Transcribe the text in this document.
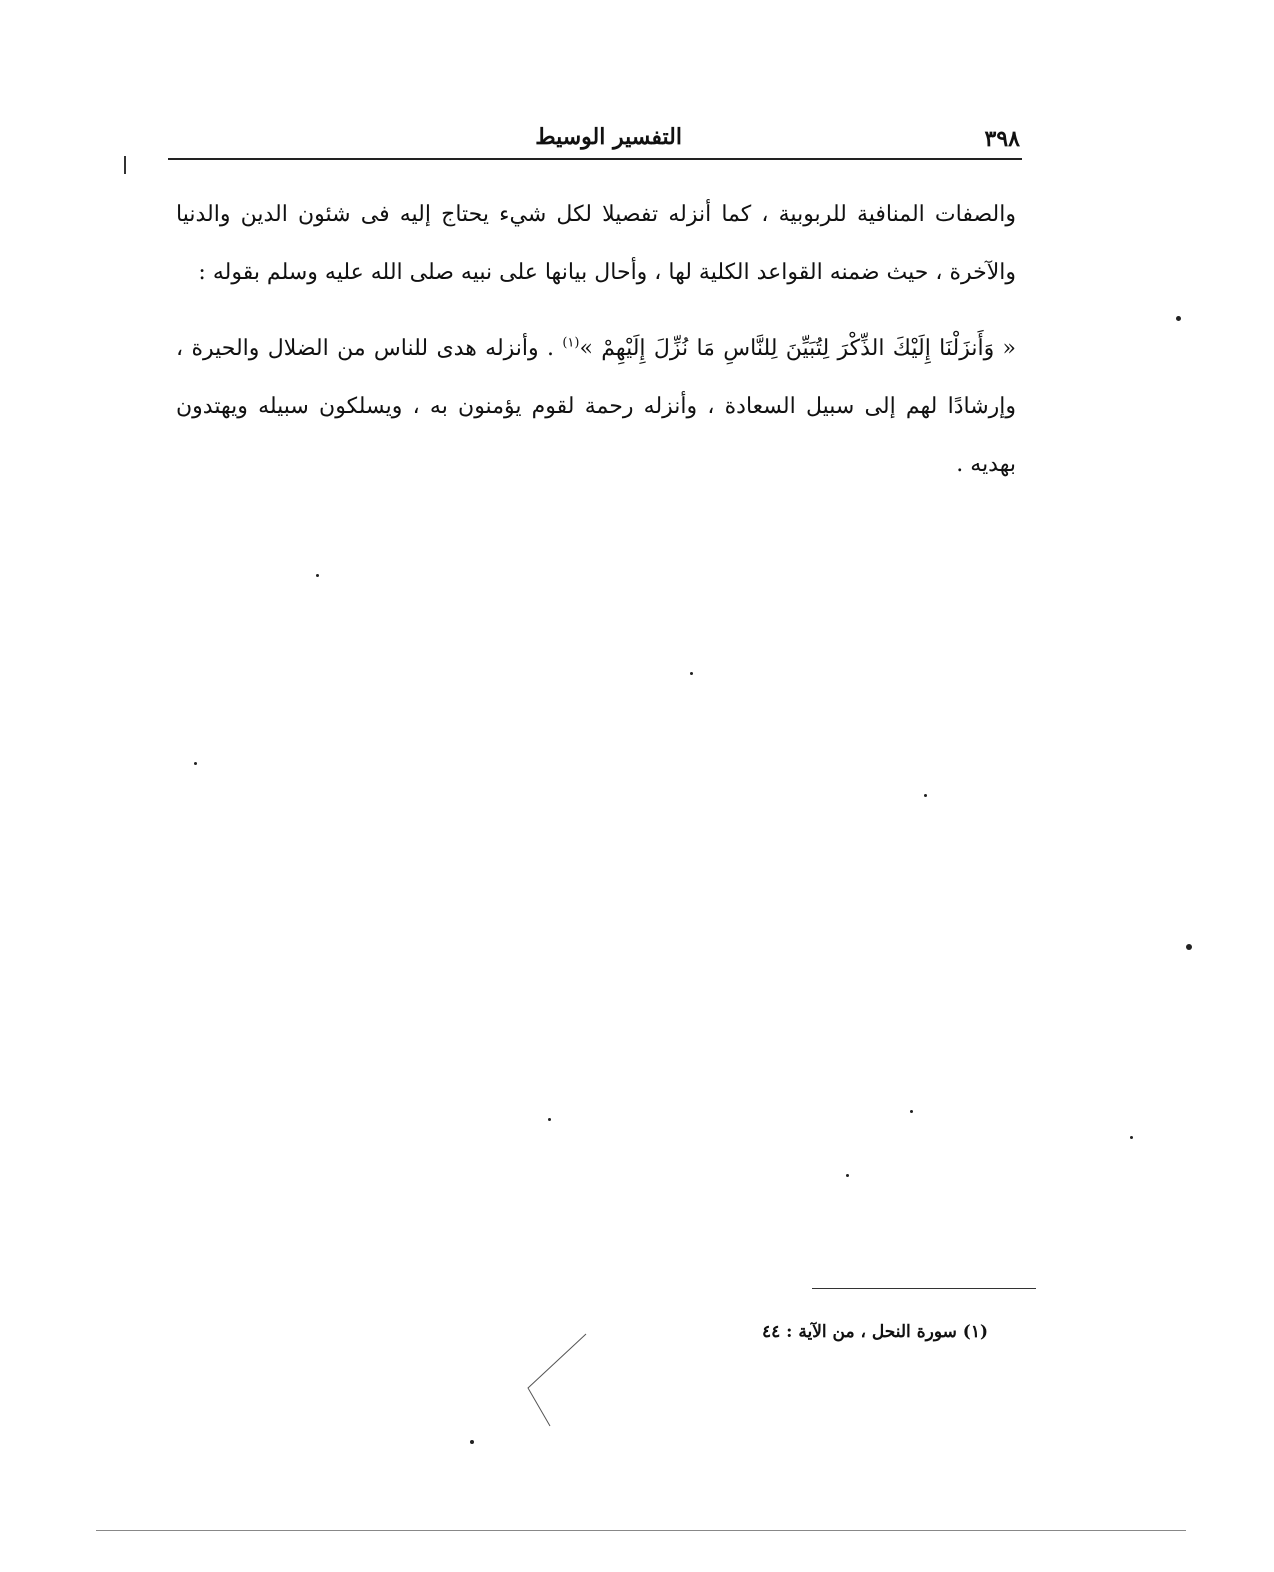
٣٩٨
التفسير الوسيط

والصفات المنافية للربوبية ، كما أنزله تفصيلا لكل شيء يحتاج إليه فى شئون الدين والدنيا والآخرة ، حيث ضمنه القواعد الكلية لها ، وأحال بيانها على نبيه صلى الله عليه وسلم بقوله :

« وَأَنزَلْنَا إِلَيْكَ الذِّكْرَ لِتُبَيِّنَ لِلنَّاسِ مَا نُزِّلَ إِلَيْهِمْ »$^{(١)}$ . وأنزله هدى للناس من الضلال والحيرة ، وإرشادًا لهم إلى سبيل السعادة ، وأنزله رحمة لقوم يؤمنون به ، ويسلكون سبيله ويهتدون بهديه .

(١) سورة النحل ، من الآية : ٤٤
